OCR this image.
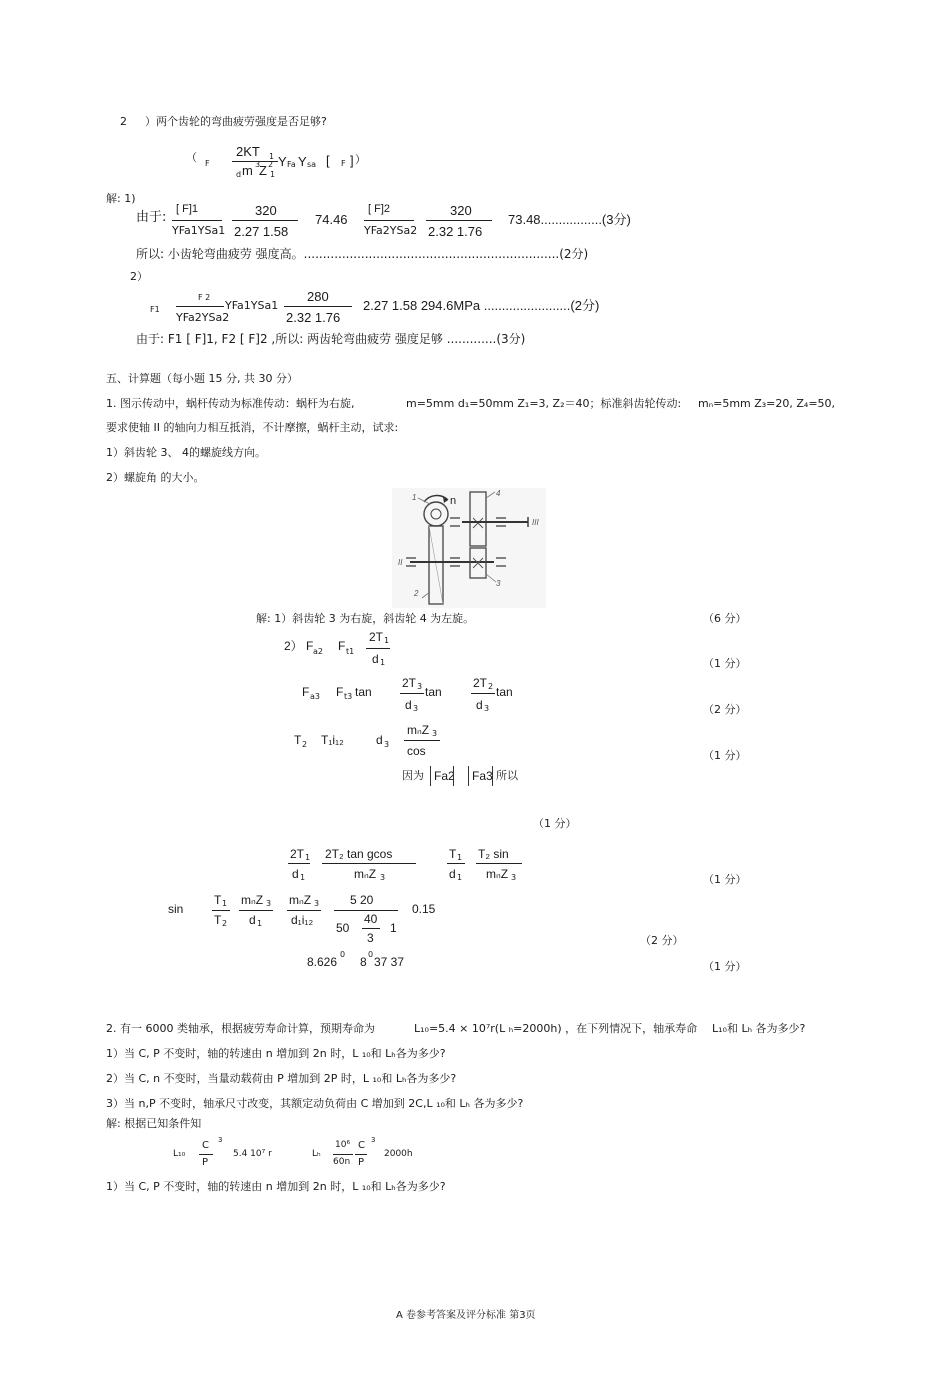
2 ）两个齿轮的弯曲疲劳强度是否足够?
（ F
2KT 1
d m 3
Z 2
1
Y Fa Y sa [ F ] ）
解: 1)
由于:
[ F]1
YFa1YSa1
320
2.27 1.58
74.46
[ F]2
YFa2YSa2
320
2.32 1.76
73.48.................(3分)
所以: 小齿轮弯曲疲劳 强度高。...................................................................(2分)
2）
F1
F 2
YFa2YSa2
YFa1YSa1
280
2.32 1.76
2.27 1.58 294.6MPa ........................(2分)
由于: F1 [ F]1, F2 [ F]2 ,所以: 两齿轮弯曲疲劳 强度足够 .............(3分)
五、计算题（每小题 15 分, 共 30 分）
1. 图示传动中，蜗杆传动为标准传动：蜗杆为右旋,	m=5mm d₁=50mm Z₁=3, Z₂＝40；标准斜齿轮传动: mₙ=5mm Z₃=20, Z₄=50,
要求使轴 II 的轴向力相互抵消，不计摩擦，蜗杆主动，试求:
1）斜齿轮 3、 4的螺旋线方向。
2）螺旋角 的大小。
n
1
2
3
4
II
III
解: 1）斜齿轮 3 为右旋，斜齿轮 4 为左旋。	（6 分）
2） F a2 F t1
2T 1
d 1	（1 分）
F a3 F t3 tan
2T 3
d 3
tan
2T 2
d 3
tan
（2 分）
T 2 T₁i₁₂	d 3
mₙZ 3
cos	（1 分）
因为 Fa2 Fa3 所以
（1 分）
2T 1
d 1
2T₂ tan gcos
mₙZ 3
T 1
d 1
T₂ sin
mₙZ 3	（1 分）
sin
T 1
T 2
mₙZ 3
d 1
mₙZ 3
d₁i₁₂
5 20
50
40
3
1
0.15
（2 分）
8.626
0
8
0
37 37	（1 分）
2. 有一 6000 类轴承，根据疲劳寿命计算，预期寿命为	L₁₀=5.4 × 10⁷r(L ₕ=2000h) ，在下列情况下，轴承寿命 L₁₀和 Lₕ 各为多少?
1）当 C, P 不变时，轴的转速由 n 增加到 2n 时，L ₁₀和 Lₕ各为多少?
2）当 C, n 不变时，当量动载荷由 P 增加到 2P 时，L ₁₀和 Lₕ各为多少?
3）当 n,P 不变时，轴承尺寸改变，其额定动负荷由 C 增加到 2C,L ₁₀和 Lₕ 各为多少?
解: 根据已知条件知
L₁₀
C
P
3
5.4 10⁷ r	Lₕ
10⁶
60n
C
P
3
2000h
1）当 C, P 不变时，轴的转速由 n 增加到 2n 时，L ₁₀和 Lₕ各为多少?
A 卷参考答案及评分标准 第3页
